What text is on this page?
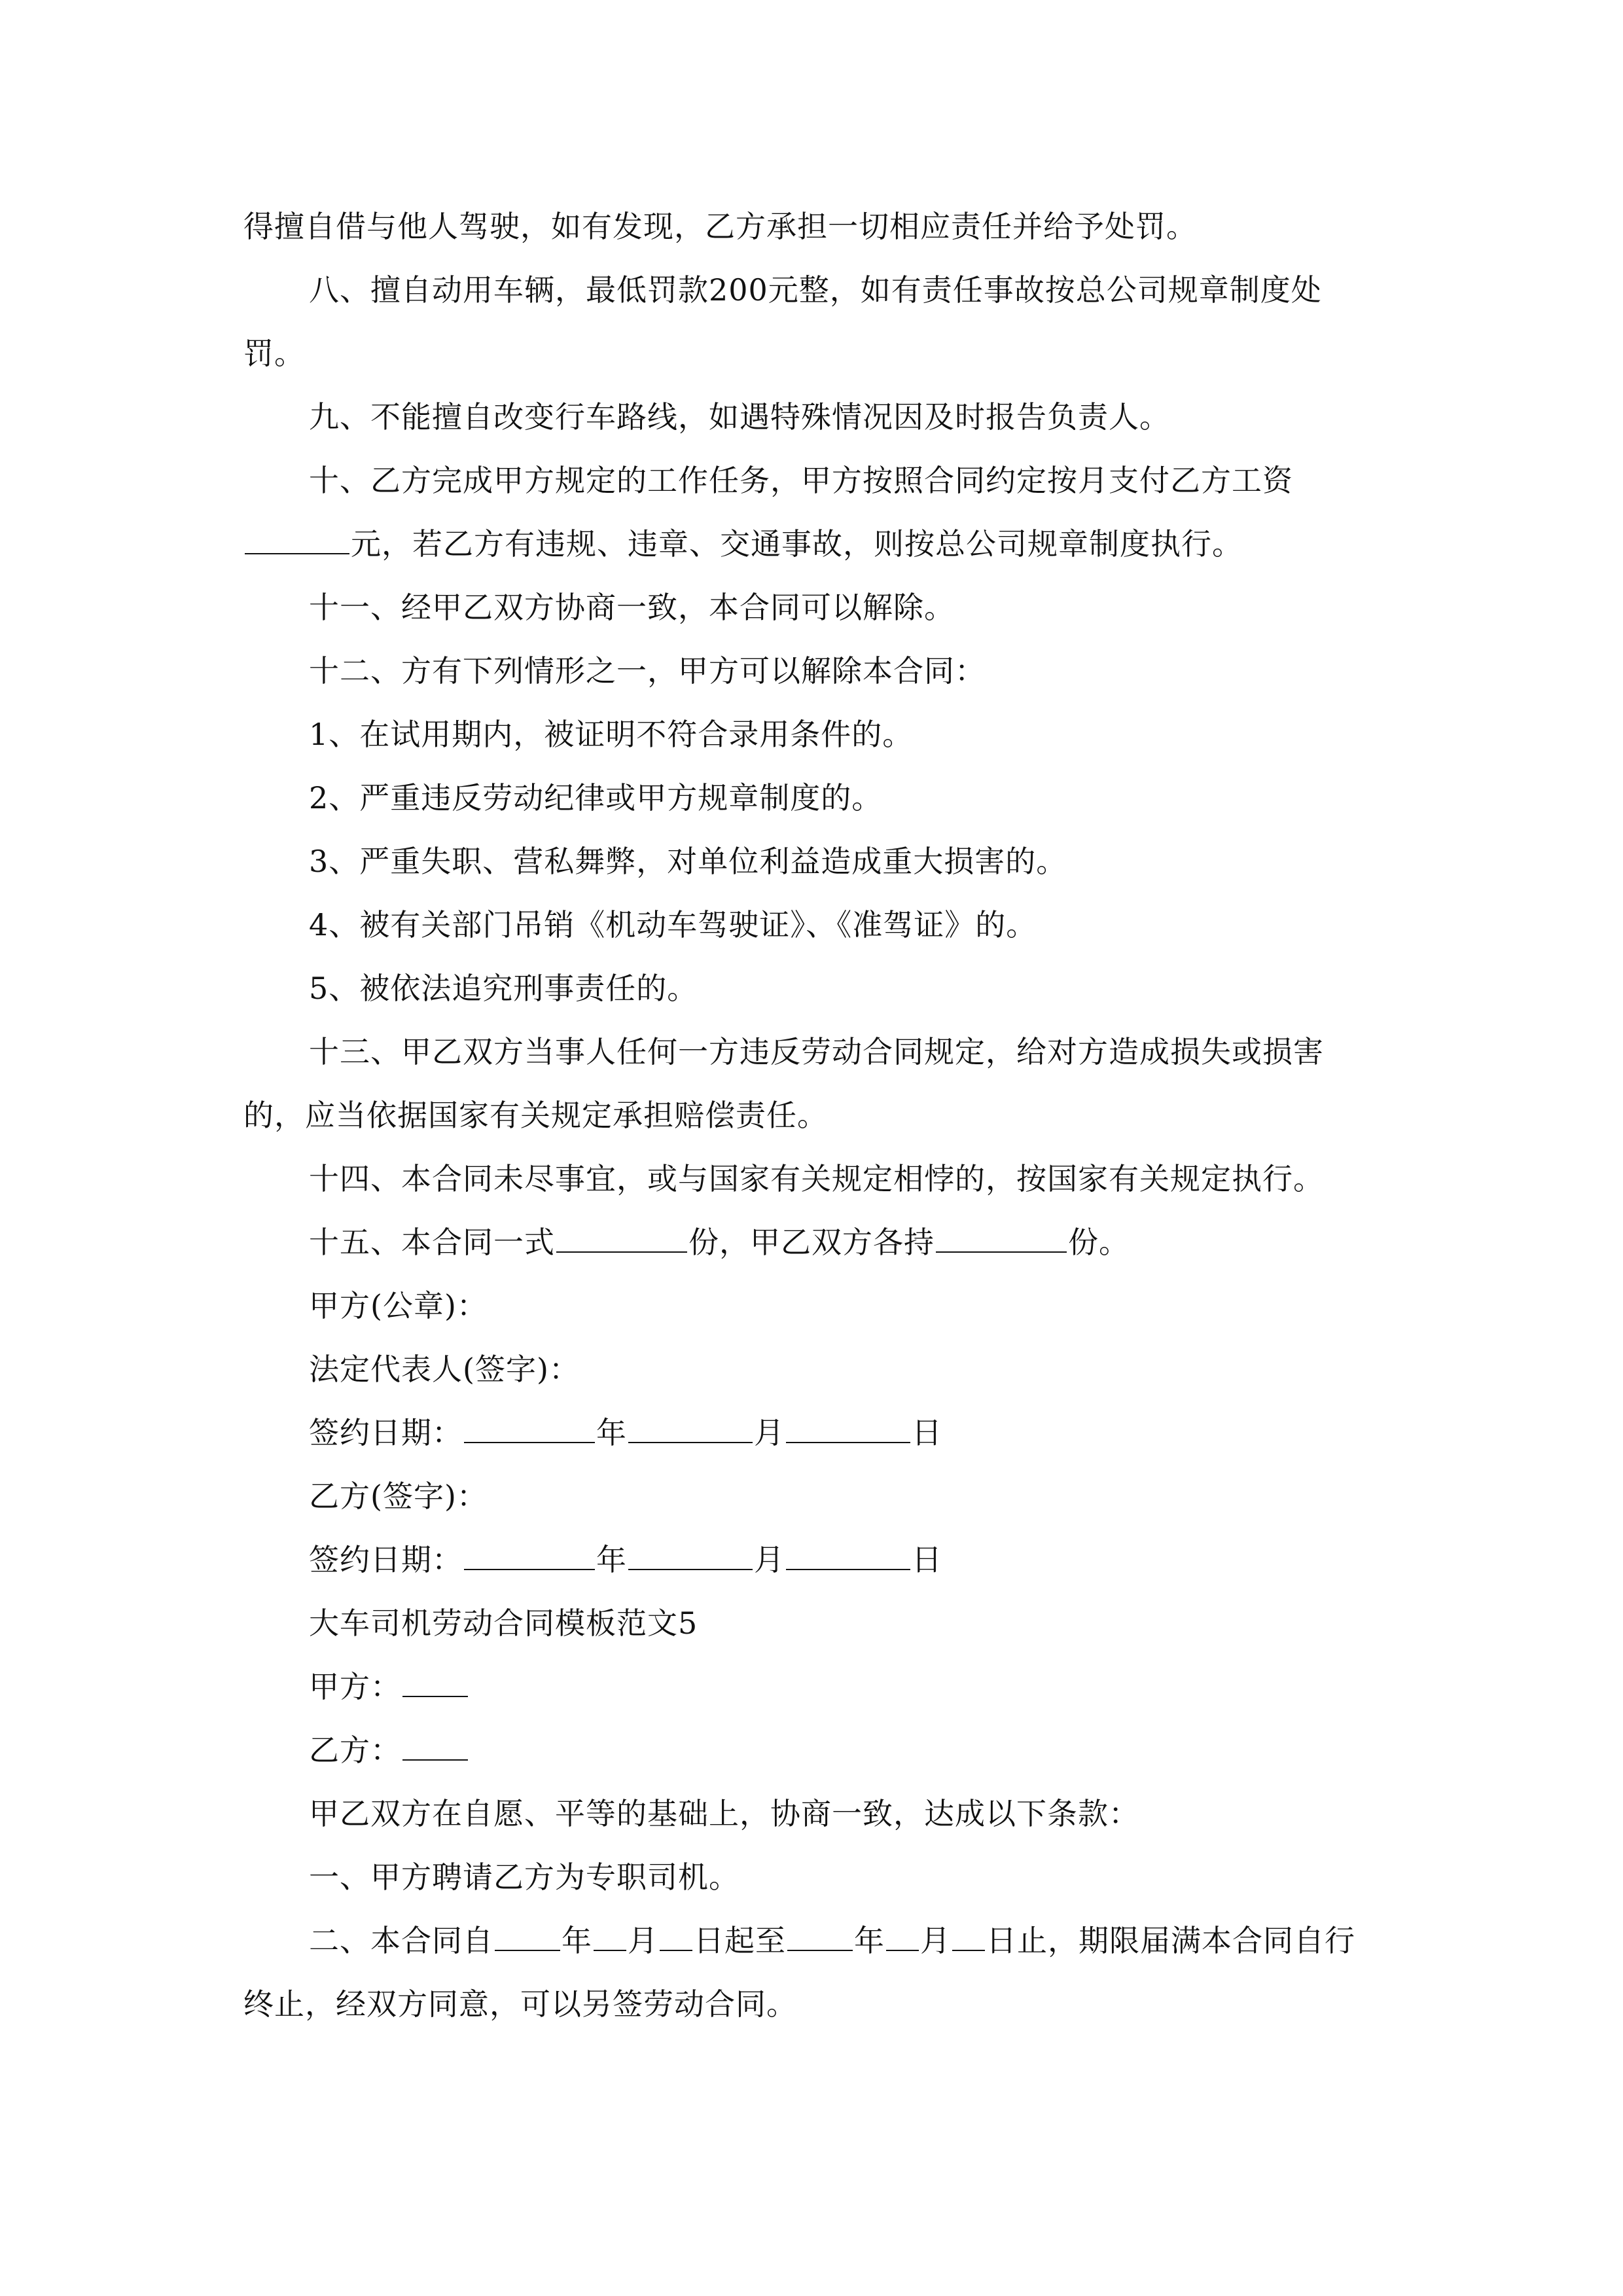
得擅自借与他人驾驶，如有发现，乙方承担一切相应责任并给予处罚。

八、擅自动用车辆，最低罚款200元整，如有责任事故按总公司规章制度处

罚。

九、不能擅自改变行车路线，如遇特殊情况因及时报告负责人。

十、乙方完成甲方规定的工作任务，甲方按照合同约定按月支付乙方工资

元，若乙方有违规、违章、交通事故，则按总公司规章制度执行。

十一、经甲乙双方协商一致，本合同可以解除。

十二、方有下列情形之一，甲方可以解除本合同：

1、在试用期内，被证明不符合录用条件的。

2、严重违反劳动纪律或甲方规章制度的。

3、严重失职、营私舞弊，对单位利益造成重大损害的。

4、被有关部门吊销《机动车驾驶证》、《准驾证》的。

5、被依法追究刑事责任的。

十三、甲乙双方当事人任何一方违反劳动合同规定，给对方造成损失或损害

的，应当依据国家有关规定承担赔偿责任。

十四、本合同未尽事宜，或与国家有关规定相悖的，按国家有关规定执行。

十五、本合同一式	份，甲乙双方各持	份。

甲方(公章)：

法定代表人(签字)：

签约日期：	年	月	日

乙方(签字)：

签约日期：	年	月	日

大车司机劳动合同模板范文5

甲方：

乙方：

甲乙双方在自愿、平等的基础上，协商一致，达成以下条款：

一、甲方聘请乙方为专职司机。

二、本合同自 年 月 日起至 年 月 日止，期限届满本合同自行

终止，经双方同意，可以另签劳动合同。
